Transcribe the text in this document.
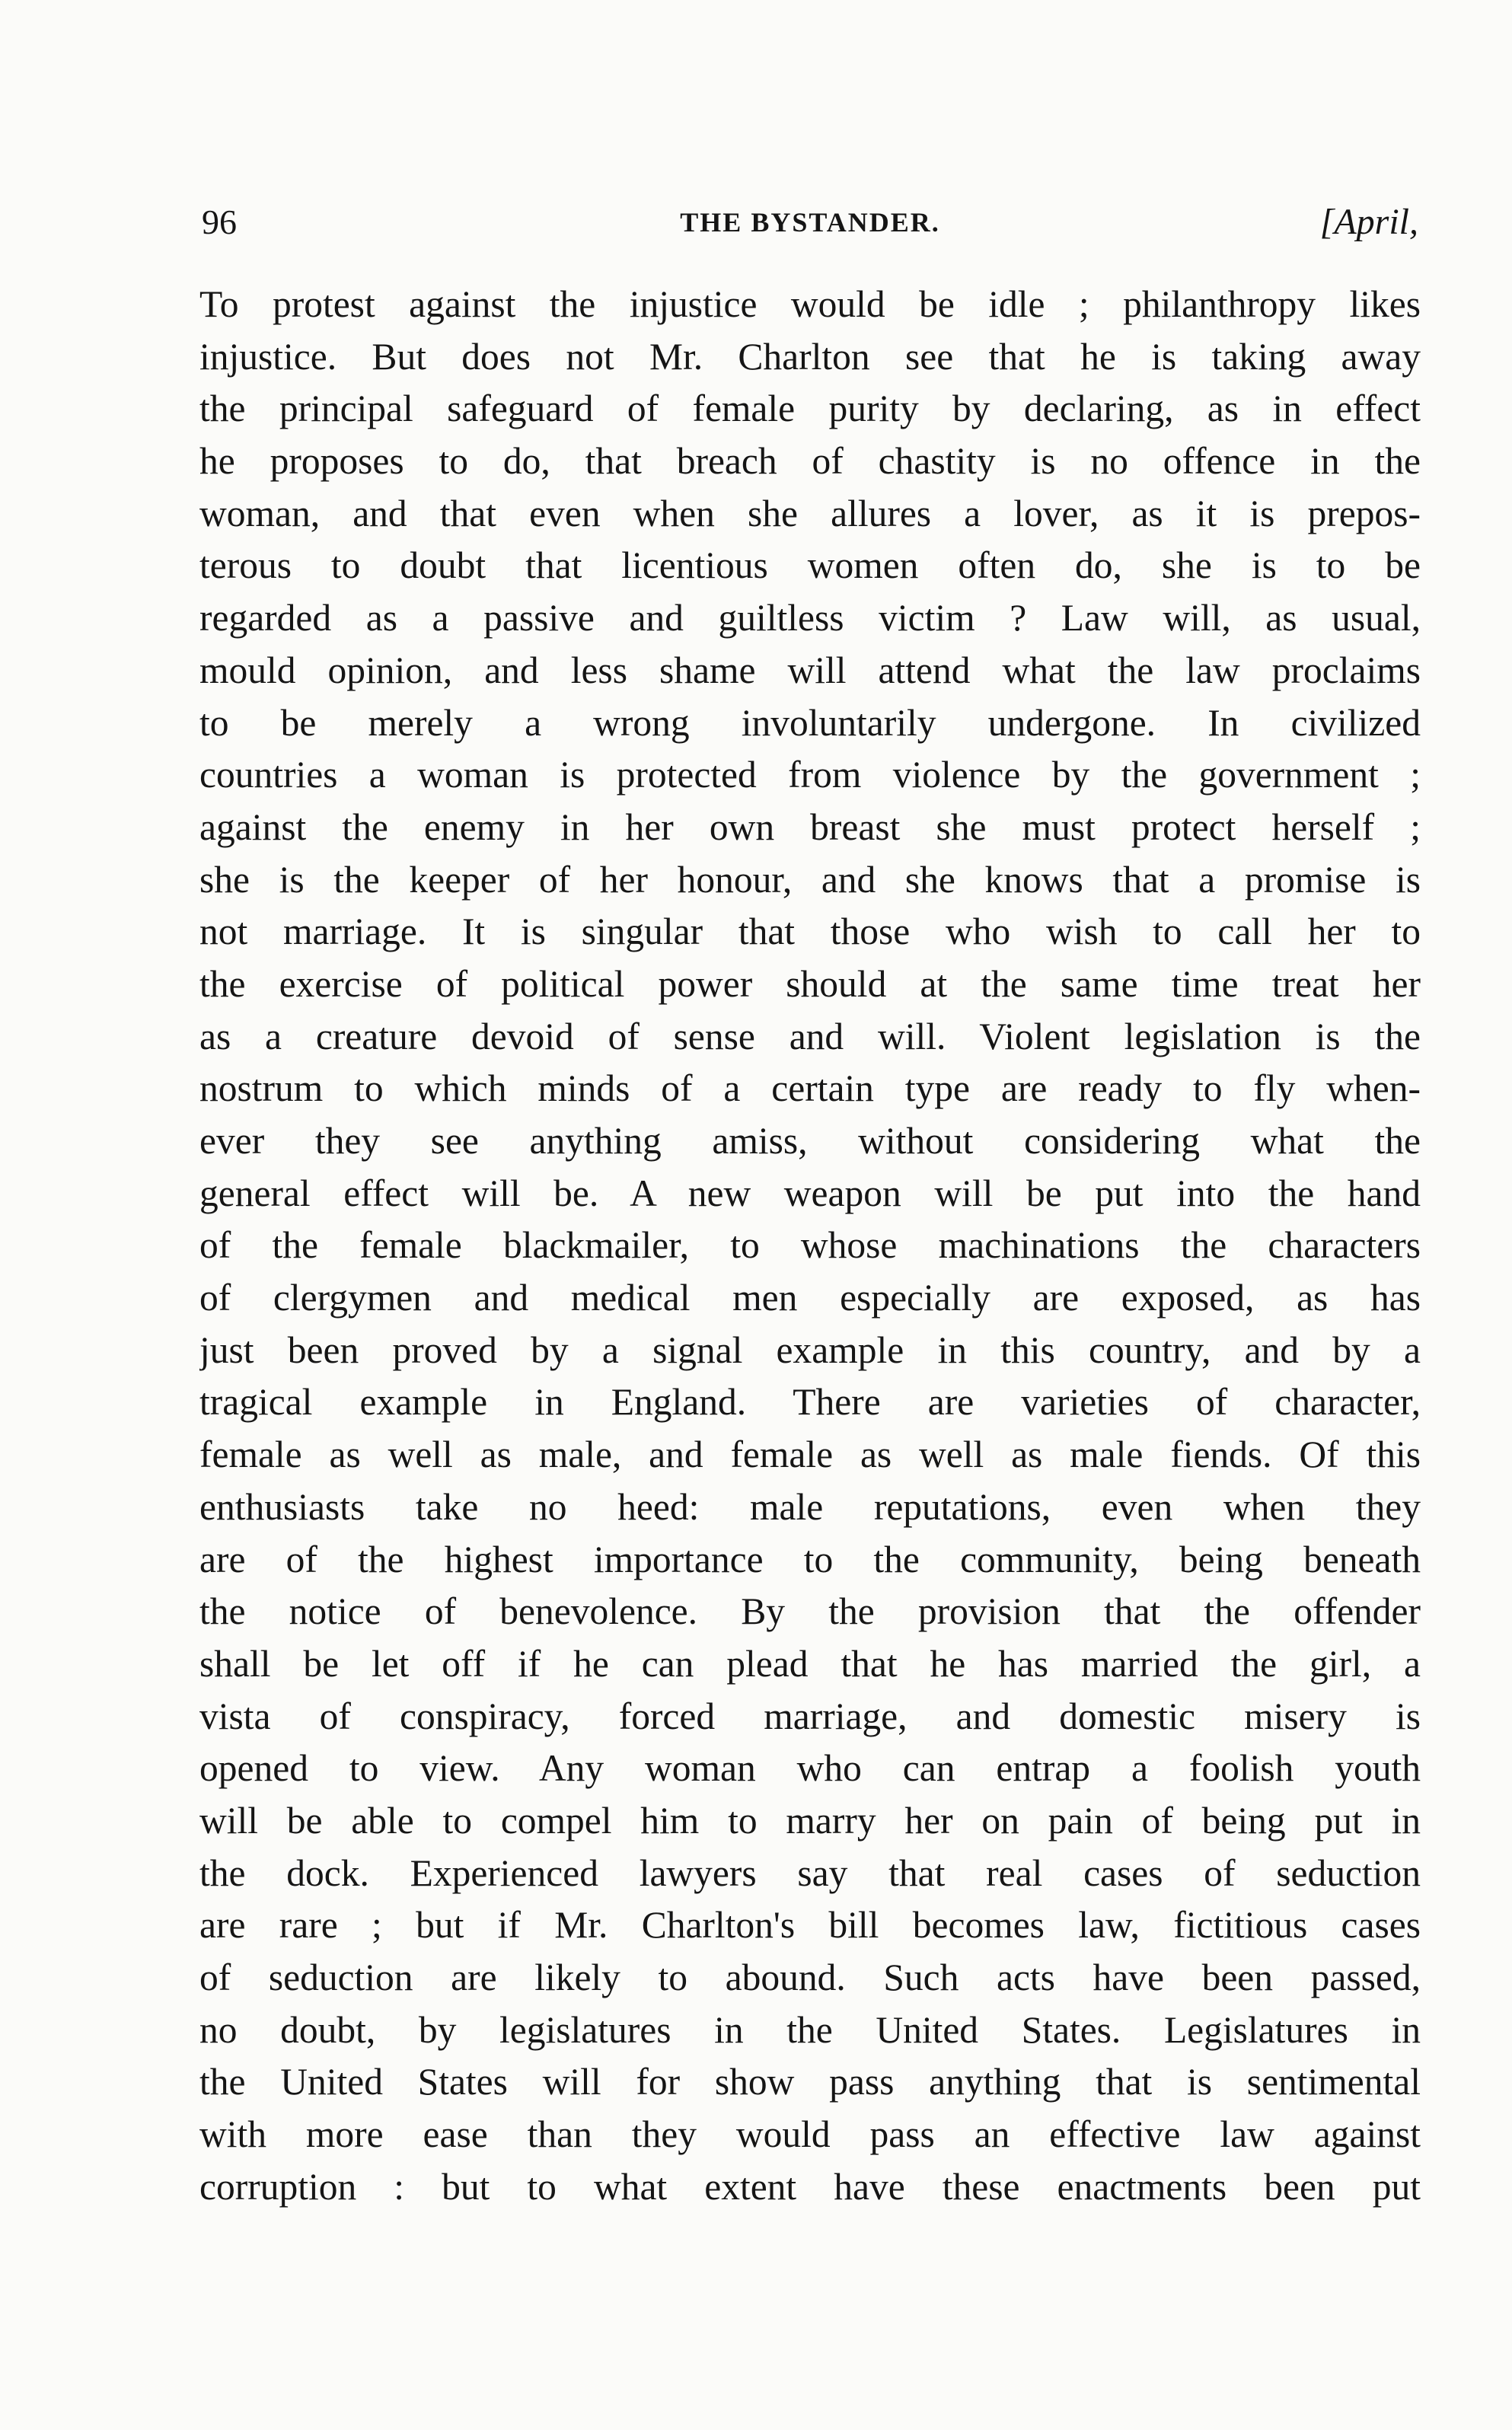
96	THE BYSTANDER.	[April,
To protest against the injustice would be idle ; philanthropy likes
injustice. But does not Mr. Charlton see that he is taking away
the principal safeguard of female purity by declaring, as in effect
he proposes to do, that breach of chastity is no offence in the
woman, and that even when she allures a lover, as it is prepos-
terous to doubt that licentious women often do, she is to be
regarded as a passive and guiltless victim ? Law will, as usual,
mould opinion, and less shame will attend what the law proclaims
to be merely a wrong involuntarily undergone. In civilized
countries a woman is protected from violence by the government ;
against the enemy in her own breast she must protect herself ;
she is the keeper of her honour, and she knows that a promise is
not marriage. It is singular that those who wish to call her to
the exercise of political power should at the same time treat her
as a creature devoid of sense and will. Violent legislation is the
nostrum to which minds of a certain type are ready to fly when-
ever they see anything amiss, without considering what the
general effect will be. A new weapon will be put into the hand
of the female blackmailer, to whose machinations the characters
of clergymen and medical men especially are exposed, as has
just been proved by a signal example in this country, and by a
tragical example in England. There are varieties of character,
female as well as male, and female as well as male fiends. Of this
enthusiasts take no heed: male reputations, even when they
are of the highest importance to the community, being beneath
the notice of benevolence. By the provision that the offender
shall be let off if he can plead that he has married the girl, a
vista of conspiracy, forced marriage, and domestic misery is
opened to view. Any woman who can entrap a foolish youth
will be able to compel him to marry her on pain of being put in
the dock. Experienced lawyers say that real cases of seduction
are rare ; but if Mr. Charlton's bill becomes law, fictitious cases
of seduction are likely to abound. Such acts have been passed,
no doubt, by legislatures in the United States. Legislatures in
the United States will for show pass anything that is sentimental
with more ease than they would pass an effective law against
corruption : but to what extent have these enactments been put
